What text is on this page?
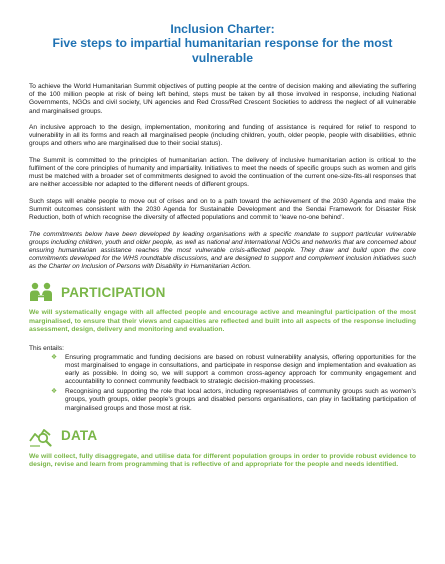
Inclusion Charter:
Five steps to impartial humanitarian response for the most vulnerable

To achieve the World Humanitarian Summit objectives of putting people at the centre of decision making and alleviating the suffering of the 100 million people at risk of being left behind, steps must be taken by all those involved in response, including National Governments, NGOs and civil society, UN agencies and Red Cross/Red Crescent Societies to address the neglect of all vulnerable and marginalised groups.

An inclusive approach to the design, implementation, monitoring and funding of assistance is required for relief to respond to vulnerability in all its forms and reach all marginalised people (including children, youth, older people, people with disabilities, ethnic groups and others who are marginalised due to their social status).

The Summit is committed to the principles of humanitarian action. The delivery of inclusive humanitarian action is critical to the fulfilment of the core principles of humanity and impartiality. Initiatives to meet the needs of specific groups such as women and girls must be matched with a broader set of commitments designed to avoid the continuation of the current one-size-fits-all responses that are neither accessible nor adapted to the different needs of different groups.

Such steps will enable people to move out of crises and on to a path toward the achievement of the 2030 Agenda and make the Summit outcomes consistent with the 2030 Agenda for Sustainable Development and the Sendai Framework for Disaster Risk Reduction, both of which recognise the diversity of affected populations and commit to ‘leave no-one behind’.

The commitments below have been developed by leading organisations with a specific mandate to support particular vulnerable groups including children, youth and older people, as well as national and international NGOs and networks that are concerned about ensuring humanitarian assistance reaches the most vulnerable crisis-affected people. They draw and build upon the core commitments developed for the WHS roundtable discussions, and are designed to support and complement inclusion initiatives such as the Charter on Inclusion of Persons with Disability in Humanitarian Action.

PARTICIPATION

We will systematically engage with all affected people and encourage active and meaningful participation of the most marginalised, to ensure that their views and capacities are reflected and built into all aspects of the response including assessment, design, delivery and monitoring and evaluation.

This entails:
❖ Ensuring programmatic and funding decisions are based on robust vulnerability analysis, offering opportunities for the most marginalised to engage in consultations, and participate in response design and implementation and evaluation as early as possible. In doing so, we will support a common cross-agency approach for community engagement and accountability to connect community feedback to strategic decision-making processes.
❖ Recognising and supporting the role that local actors, including representatives of community groups such as women’s groups, youth groups, older people’s groups and disabled persons organisations, can play in facilitating participation of marginalised groups and those most at risk.
DATA

We will collect, fully disaggregate, and utilise data for different population groups in order to provide robust evidence to design, revise and learn from programming that is reflective of and appropriate for the people and needs identified.
